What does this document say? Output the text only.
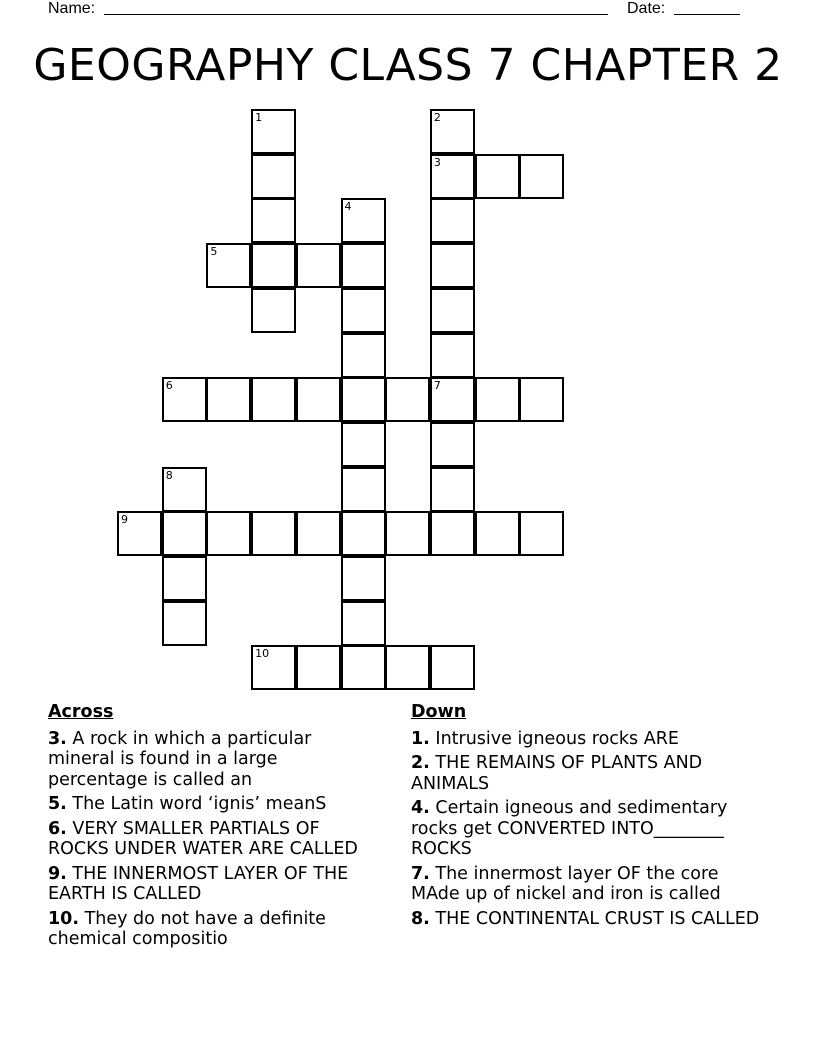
Name:	Date:
GEOGRAPHY CLASS 7 CHAPTER 2
1	2
3
4
5
6	7
8
9
10
Across
3. A rock in which a particular mineral is found in a large percentage is called an
5. The Latin word ‘ignis’ meanS
6. VERY SMALLER PARTIALS OF ROCKS UNDER WATER ARE CALLED
9. THE INNERMOST LAYER OF THE EARTH IS CALLED
10. They do not have a definite chemical compositio
Down
1. Intrusive igneous rocks ARE
2. THE REMAINS OF PLANTS AND ANIMALS
4. Certain igneous and sedimentary rocks get CONVERTED INTO________ ROCKS
7. The innermost layer OF the core MAde up of nickel and iron is called
8. THE CONTINENTAL CRUST IS CALLED
